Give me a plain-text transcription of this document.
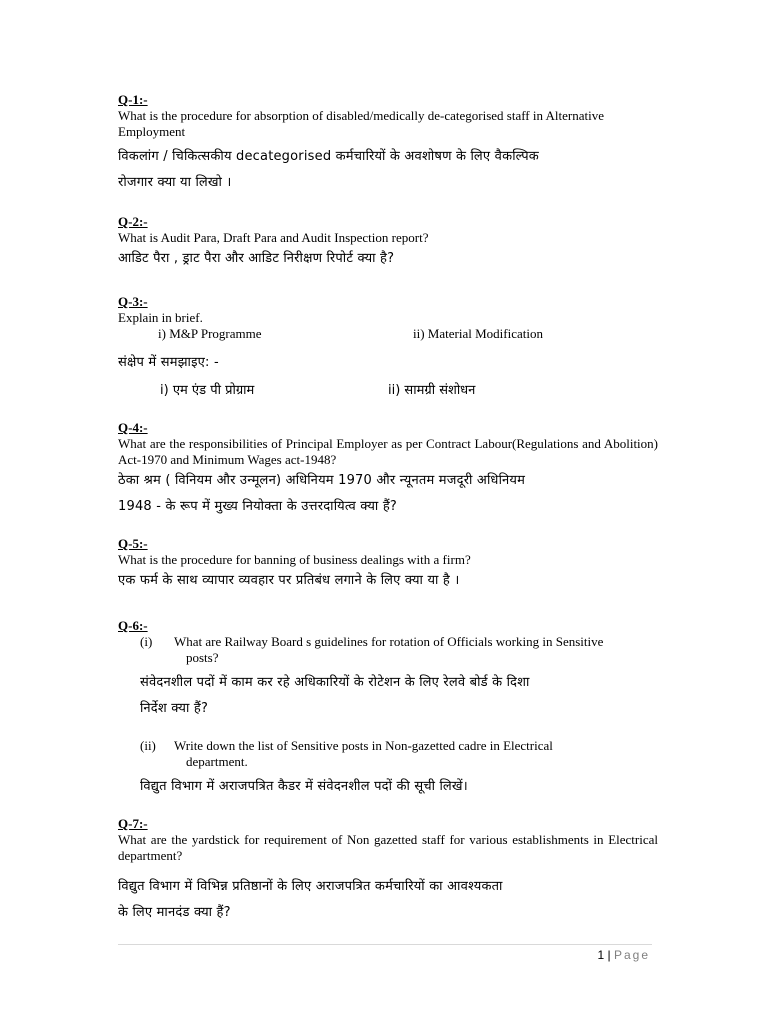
Q-1:-
What is the procedure for absorption of disabled/medically de-categorised staff in Alternative Employment
विकलांग / चिकित्सकीय decategorised कर्मचारियों के अवशोषण के लिए वैकल्पिक
रोजगार क्या या लिखो ।
Q-2:-
What is Audit Para, Draft Para and Audit Inspection report?
आडिट पैरा , ड्राट पैरा और आडिट निरीक्षण रिपोर्ट क्या है?
Q-3:-
Explain in brief.
i) M&P Programme	ii) Material Modification
संक्षेप में समझाइए: -
i) एम एंड पी प्रोग्राम	ii) सामग्री संशोधन
Q-4:-
What are the responsibilities of Principal Employer as per Contract Labour(Regulations and Abolition) Act-1970 and Minimum Wages act-1948?
ठेका श्रम ( विनियम और उन्मूलन) अधिनियम 1970 और न्यूनतम मजदूरी अधिनियम
1948 - के रूप में मुख्य नियोक्ता के उत्तरदायित्व क्या हैं?
Q-5:-
What is the procedure for banning of business dealings with a firm?
एक फर्म के साथ व्यापार व्यवहार पर प्रतिबंध लगाने के लिए क्या या है ।
Q-6:-
(i)	What are Railway Board s guidelines for rotation of Officials working in Sensitive
posts?
संवेदनशील पदों में काम कर रहे अधिकारियों के रोटेशन के लिए रेलवे बोर्ड के दिशा
निर्देश क्या हैं?
(ii)	Write down the list of Sensitive posts in Non-gazetted cadre in Electrical
department.
विद्युत विभाग में अराजपत्रित कैडर में संवेदनशील पदों की सूची लिखें।
Q-7:-
What are the yardstick for requirement of Non gazetted staff for various establishments in Electrical department?
विद्युत विभाग में विभिन्न प्रतिष्ठानों के लिए अराजपत्रित कर्मचारियों का आवश्यकता
के लिए मानदंड क्या हैं?
1 | Page
